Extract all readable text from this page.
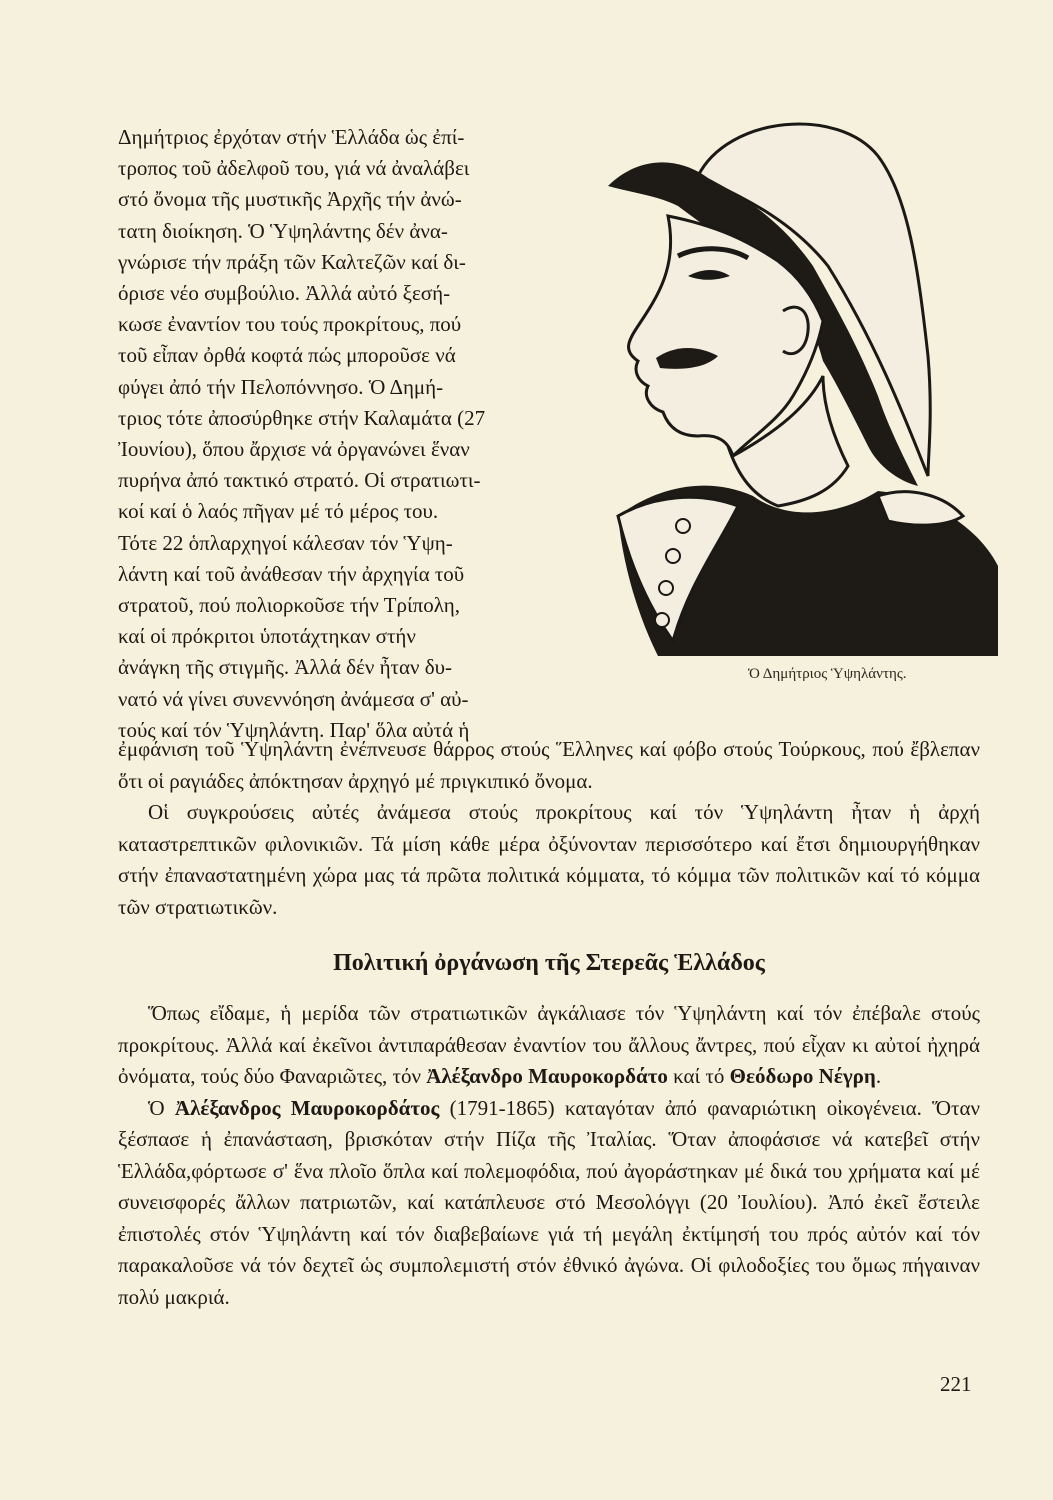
Δημήτριος ἐρχόταν στήν Ἑλλάδα ὡς ἐπί-
τροπος τοῦ ἀδελφοῦ του, γιά νά ἀναλάβει
στό ὄνομα τῆς μυστικῆς Ἀρχῆς τήν ἀνώ-
τατη διοίκηση. Ὁ Ὑψηλάντης δέν ἀνα-
γνώρισε τήν πράξη τῶν Καλτεζῶν καί δι-
όρισε νέο συμβούλιο. Ἀλλά αὐτό ξεσή-
κωσε ἐναντίον του τούς προκρίτους, πού
τοῦ εἶπαν ὀρθά κοφτά πώς μποροῦσε νά
φύγει ἀπό τήν Πελοπόννησο. Ὁ Δημή-
τριος τότε ἀποσύρθηκε στήν Καλαμάτα (27
Ἰουνίου), ὅπου ἄρχισε νά ὀργανώνει ἕναν
πυρήνα ἀπό τακτικό στρατό. Οἱ στρατιωτι-
κοί καί ὁ λαός πῆγαν μέ τό μέρος του.
Τότε 22 ὁπλαρχηγοί κάλεσαν τόν Ὑψη-
λάντη καί τοῦ ἀνάθεσαν τήν ἀρχηγία τοῦ
στρατοῦ, πού πολιορκοῦσε τήν Τρίπολη,
καί οἱ πρόκριτοι ὑποτάχτηκαν στήν
ἀνάγκη τῆς στιγμῆς. Ἀλλά δέν ἦταν δυ-
νατό νά γίνει συνεννόηση ἀνάμεσα σ' αὐ-
τούς καί τόν Ὑψηλάντη. Παρ' ὅλα αὐτά ἡ
Ὁ Δημήτριος Ὑψηλάντης.

ἐμφάνιση τοῦ Ὑψηλάντη ἐνέπνευσε θάρρος στούς Ἕλληνες καί φόβο στούς Τούρκους, πού ἔβλεπαν ὅτι οἱ ραγιάδες ἀπόκτησαν ἀρχηγό μέ πριγκιπικό ὄνομα.

Οἱ συγκρούσεις αὐτές ἀνάμεσα στούς προκρίτους καί τόν Ὑψηλάντη ἦταν ἡ ἀρχή καταστρεπτικῶν φιλονικιῶν. Τά μίση κάθε μέρα ὀξύνονταν περισσότερο καί ἔτσι δημιουργήθηκαν στήν ἐπαναστατημένη χώρα μας τά πρῶτα πολιτικά κόμματα, τό κόμμα τῶν πολιτικῶν καί τό κόμμα τῶν στρατιωτικῶν.

Πολιτική ὀργάνωση τῆς Στερεᾶς Ἑλλάδος

Ὅπως εἴδαμε, ἡ μερίδα τῶν στρατιωτικῶν ἀγκάλιασε τόν Ὑψηλάντη καί τόν ἐπέβαλε στούς προκρίτους. Ἀλλά καί ἐκεῖνοι ἀντιπαράθεσαν ἐναντίον του ἄλλους ἄντρες, πού εἶχαν κι αὐτοί ἠχηρά ὀνόματα, τούς δύο Φαναριῶτες, τόν Ἀλέξανδρο Μαυροκορδάτο καί τό Θεόδωρο Νέγρη.

Ὁ Ἀλέξανδρος Μαυροκορδάτος (1791-1865) καταγόταν ἀπό φαναριώτικη οἰκογένεια. Ὅταν ξέσπασε ἡ ἐπανάσταση, βρισκόταν στήν Πίζα τῆς Ἰταλίας. Ὅταν ἀποφάσισε νά κατεβεῖ στήν Ἑλλάδα,φόρτωσε σ' ἕνα πλοῖο ὅπλα καί πολεμοφόδια, πού ἀγοράστηκαν μέ δικά του χρήματα καί μέ συνεισφορές ἄλλων πατριωτῶν, καί κατάπλευσε στό Μεσολόγγι (20 Ἰουλίου). Ἀπό ἐκεῖ ἔστειλε ἐπιστολές στόν Ὑψηλάντη καί τόν διαβεβαίωνε γιά τή μεγάλη ἐκτίμησή του πρός αὐτόν καί τόν παρακαλοῦσε νά τόν δεχτεῖ ὡς συμπολεμιστή στόν ἐθνικό ἀγώνα. Οἱ φιλοδοξίες του ὅμως πήγαιναν πολύ μακριά.

221
